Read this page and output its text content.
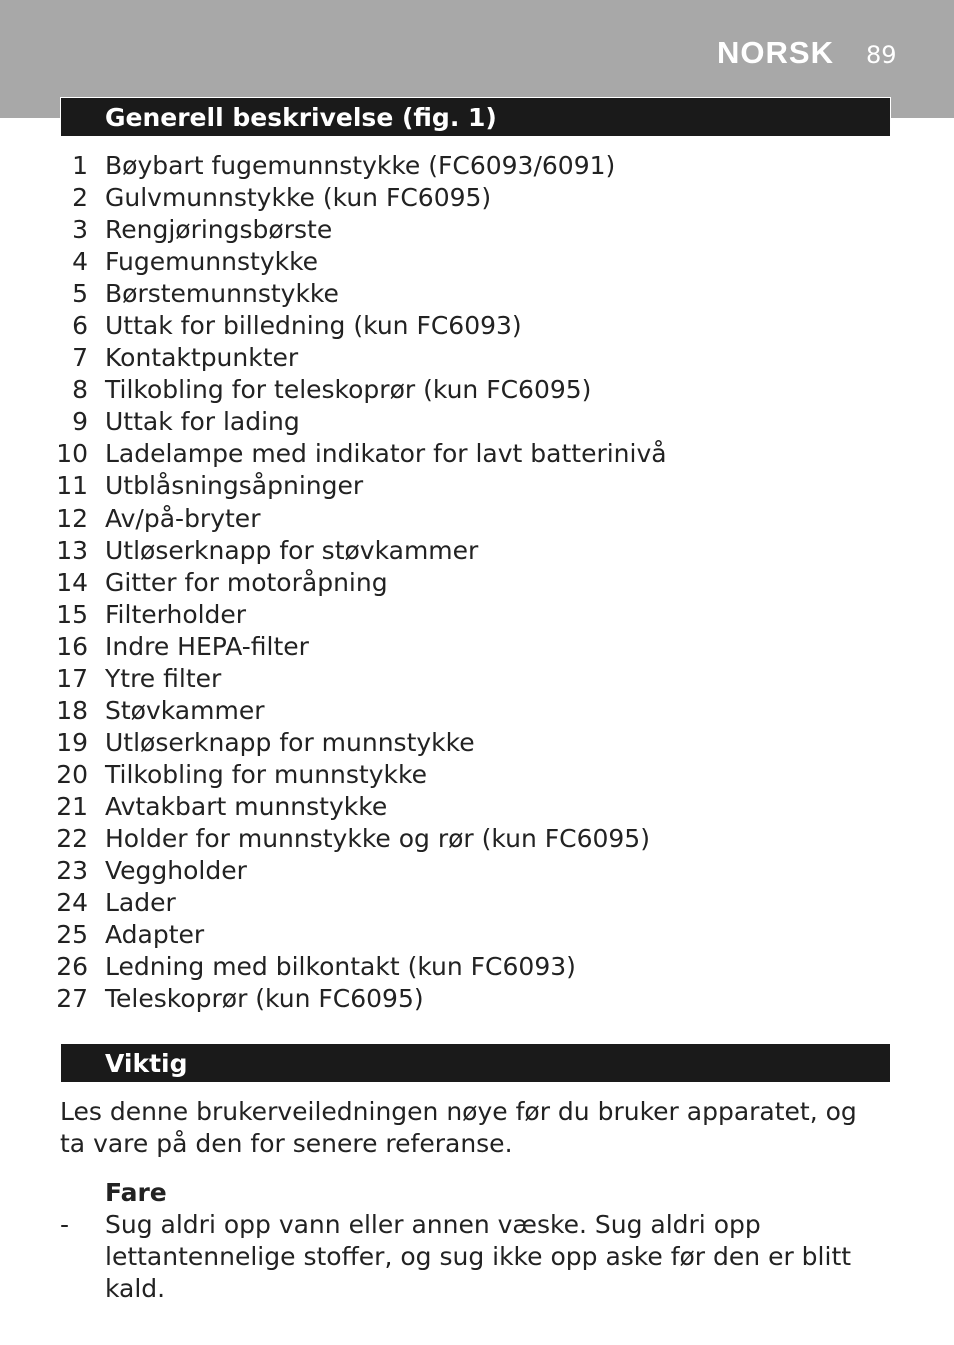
NORSK 89
Generell beskrivelse (fig. 1)
1 Bøybart fugemunnstykke (FC6093/6091)
2 Gulvmunnstykke (kun FC6095)
3 Rengjøringsbørste
4 Fugemunnstykke
5 Børstemunnstykke
6 Uttak for billedning (kun FC6093)
7 Kontaktpunkter
8 Tilkobling for teleskoprør (kun FC6095)
9 Uttak for lading
10 Ladelampe med indikator for lavt batterinivå
11 Utblåsningsåpninger
12 Av/på-bryter
13 Utløserknapp for støvkammer
14 Gitter for motoråpning
15 Filterholder
16 Indre HEPA-filter
17 Ytre filter
18 Støvkammer
19 Utløserknapp for munnstykke
20 Tilkobling for munnstykke
21 Avtakbart munnstykke
22 Holder for munnstykke og rør (kun FC6095)
23 Veggholder
24 Lader
25 Adapter
26 Ledning med bilkontakt (kun FC6093)
27 Teleskoprør (kun FC6095)
Viktig
Les denne brukerveiledningen nøye før du bruker apparatet, og ta vare på den for senere referanse.
Fare
- Sug aldri opp vann eller annen væske. Sug aldri opp lettantennelige stoffer, og sug ikke opp aske før den er blitt kald.
